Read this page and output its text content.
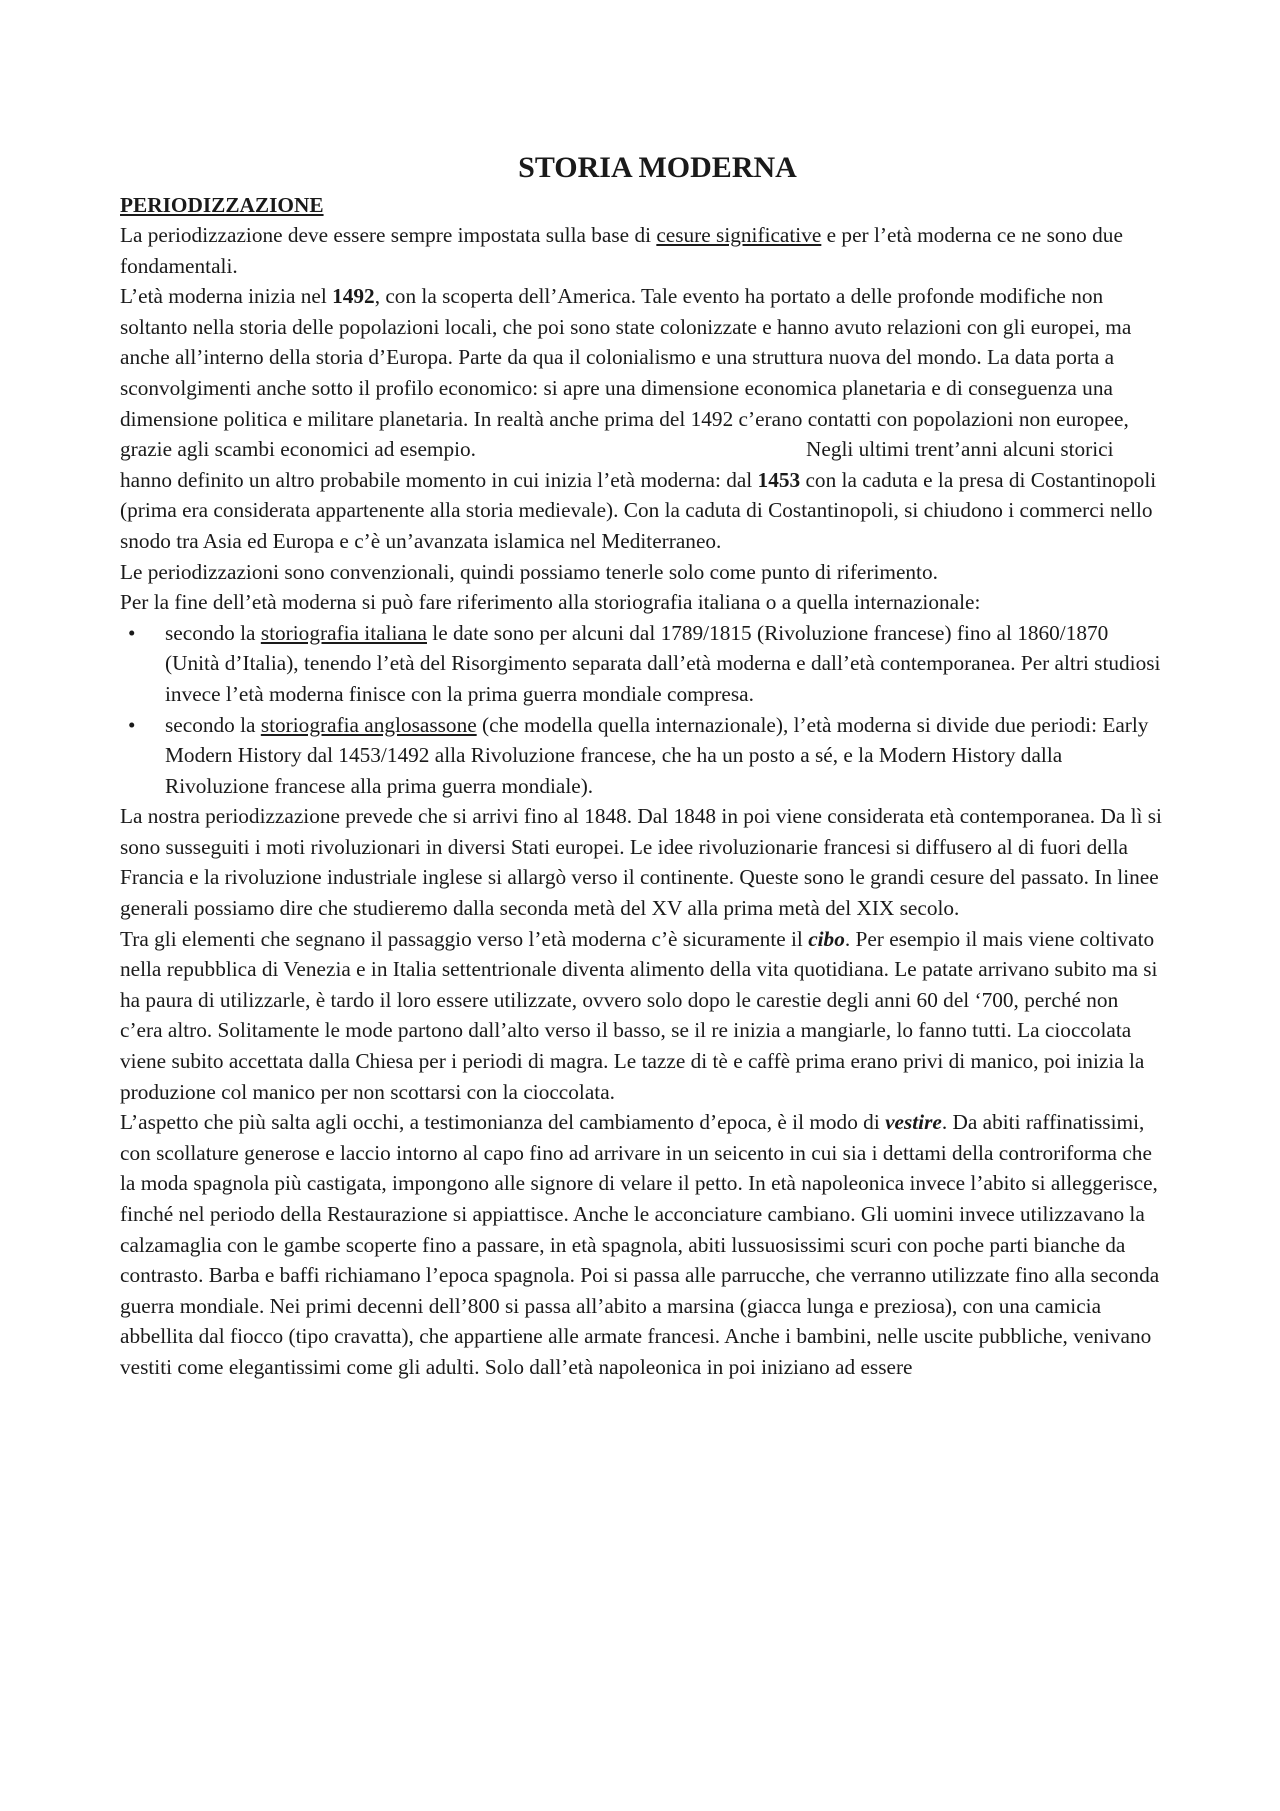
STORIA MODERNA
PERIODIZZAZIONE

La periodizzazione deve essere sempre impostata sulla base di cesure significative e per l’età moderna ce ne sono due fondamentali.

L’età moderna inizia nel 1492, con la scoperta dell’America. Tale evento ha portato a delle profonde modifiche non soltanto nella storia delle popolazioni locali, che poi sono state colonizzate e hanno avuto relazioni con gli europei, ma anche all’interno della storia d’Europa. Parte da qua il colonialismo e una struttura nuova del mondo. La data porta a sconvolgimenti anche sotto il profilo economico: si apre una dimensione economica planetaria e di conseguenza una dimensione politica e militare planetaria. In realtà anche prima del 1492 c’erano contatti con popolazioni non europee, grazie agli scambi economici ad esempio.	Negli ultimi trent’anni alcuni storici hanno definito un altro probabile momento in cui inizia l’età moderna: dal 1453 con la caduta e la presa di Costantinopoli (prima era considerata appartenente alla storia medievale). Con la caduta di Costantinopoli, si chiudono i commerci nello snodo tra Asia ed Europa e c’è un’avanzata islamica nel Mediterraneo.

Le periodizzazioni sono convenzionali, quindi possiamo tenerle solo come punto di riferimento.

Per la fine dell’età moderna si può fare riferimento alla storiografia italiana o a quella internazionale:

• secondo la storiografia italiana le date sono per alcuni dal 1789/1815 (Rivoluzione francese) fino al 1860/1870 (Unità d’Italia), tenendo l’età del Risorgimento separata dall’età moderna e dall’età contemporanea. Per altri studiosi invece l’età moderna finisce con la prima guerra mondiale compresa.
• secondo la storiografia anglosassone (che modella quella internazionale), l’età moderna si divide due periodi: Early Modern History dal 1453/1492 alla Rivoluzione francese, che ha un posto a sé, e la Modern History dalla Rivoluzione francese alla prima guerra mondiale).

La nostra periodizzazione prevede che si arrivi fino al 1848. Dal 1848 in poi viene considerata età contemporanea. Da lì si sono susseguiti i moti rivoluzionari in diversi Stati europei. Le idee rivoluzionarie francesi si diffusero al di fuori della Francia e la rivoluzione industriale inglese si allargò verso il continente. Queste sono le grandi cesure del passato. In linee generali possiamo dire che studieremo dalla seconda metà del XV alla prima metà del XIX secolo.

Tra gli elementi che segnano il passaggio verso l’età moderna c’è sicuramente il cibo. Per esempio il mais viene coltivato nella repubblica di Venezia e in Italia settentrionale diventa alimento della vita quotidiana. Le patate arrivano subito ma si ha paura di utilizzarle, è tardo il loro essere utilizzate, ovvero solo dopo le carestie degli anni 60 del ‘700, perché non c’era altro. Solitamente le mode partono dall’alto verso il basso, se il re inizia a mangiarle, lo fanno tutti. La cioccolata viene subito accettata dalla Chiesa per i periodi di magra. Le tazze di tè e caffè prima erano privi di manico, poi inizia la produzione col manico per non scottarsi con la cioccolata.

L’aspetto che più salta agli occhi, a testimonianza del cambiamento d’epoca, è il modo di vestire. Da abiti raffinatissimi, con scollature generose e laccio intorno al capo fino ad arrivare in un seicento in cui sia i dettami della controriforma che la moda spagnola più castigata, impongono alle signore di velare il petto. In età napoleonica invece l’abito si alleggerisce, finché nel periodo della Restaurazione si appiattisce. Anche le acconciature cambiano. Gli uomini invece utilizzavano la calzamaglia con le gambe scoperte fino a passare, in età spagnola, abiti lussuosissimi scuri con poche parti bianche da contrasto. Barba e baffi richiamano l’epoca spagnola. Poi si passa alle parrucche, che verranno utilizzate fino alla seconda guerra mondiale. Nei primi decenni dell’800 si passa all’abito a marsina (giacca lunga e preziosa), con una camicia abbellita dal fiocco (tipo cravatta), che appartiene alle armate francesi. Anche i bambini, nelle uscite pubbliche, venivano vestiti come elegantissimi come gli adulti. Solo dall’età napoleonica in poi iniziano ad essere
